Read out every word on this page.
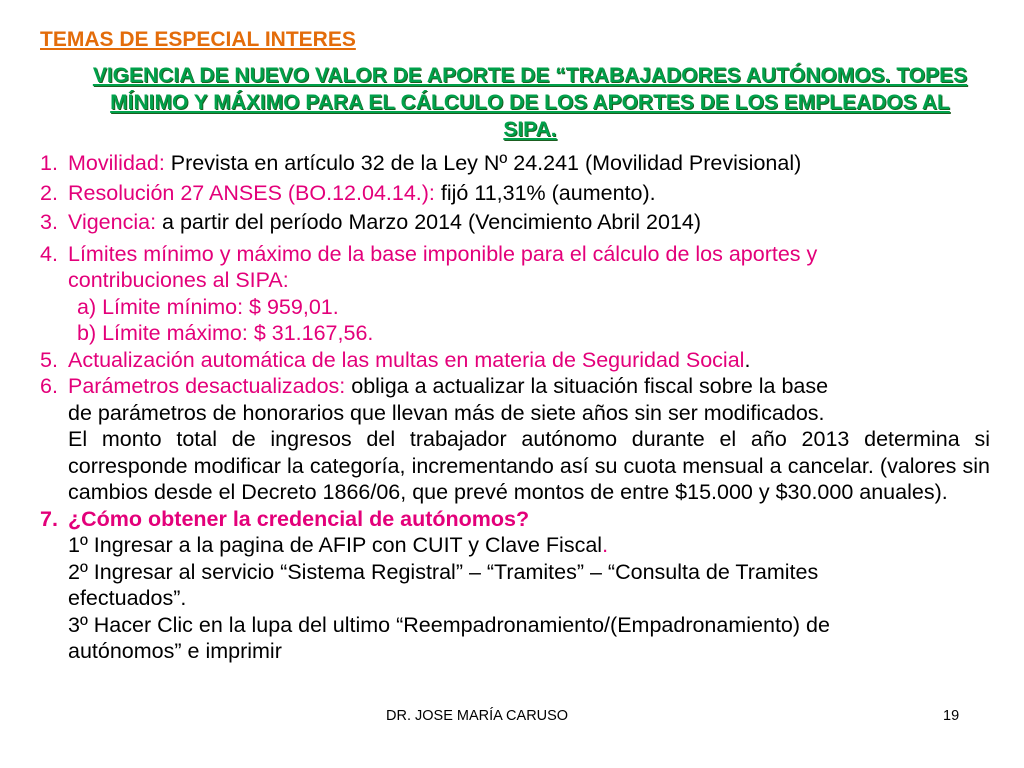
TEMAS DE ESPECIAL INTERES
VIGENCIA DE NUEVO VALOR DE APORTE DE “TRABAJADORES AUTÓNOMOS. TOPES MÍNIMO Y MÁXIMO PARA EL CÁLCULO DE LOS APORTES DE LOS EMPLEADOS AL SIPA.
1. Movilidad: Prevista en artículo 32 de la Ley Nº 24.241 (Movilidad Previsional)
2. Resolución 27 ANSES (BO.12.04.14.): fijó 11,31% (aumento).
3. Vigencia: a partir del período Marzo 2014 (Vencimiento Abril 2014)
4. Límites mínimo y máximo de la base imponible para el cálculo de los aportes y
contribuciones al SIPA:
a) Límite mínimo: $ 959,01.
b) Límite máximo: $ 31.167,56.
5. Actualización automática de las multas en materia de Seguridad Social.
6. Parámetros desactualizados: obliga a actualizar la situación fiscal sobre la base
de parámetros de honorarios que llevan más de siete años sin ser modificados.
El monto total de ingresos del trabajador autónomo durante el año 2013 determina si corresponde modificar la categoría, incrementando así su cuota mensual a cancelar. (valores sin cambios desde el Decreto 1866/06, que prevé montos de entre $15.000 y $30.000 anuales).
7. ¿Cómo obtener la credencial de autónomos?
1º Ingresar a la pagina de AFIP con CUIT y Clave Fiscal.
2º Ingresar al servicio “Sistema Registral” – “Tramites” – “Consulta de Tramites
efectuados”.
3º Hacer Clic en la lupa del ultimo “Reempadronamiento/(Empadronamiento) de
autónomos” e imprimir
DR. JOSE MARÍA CARUSO	19
